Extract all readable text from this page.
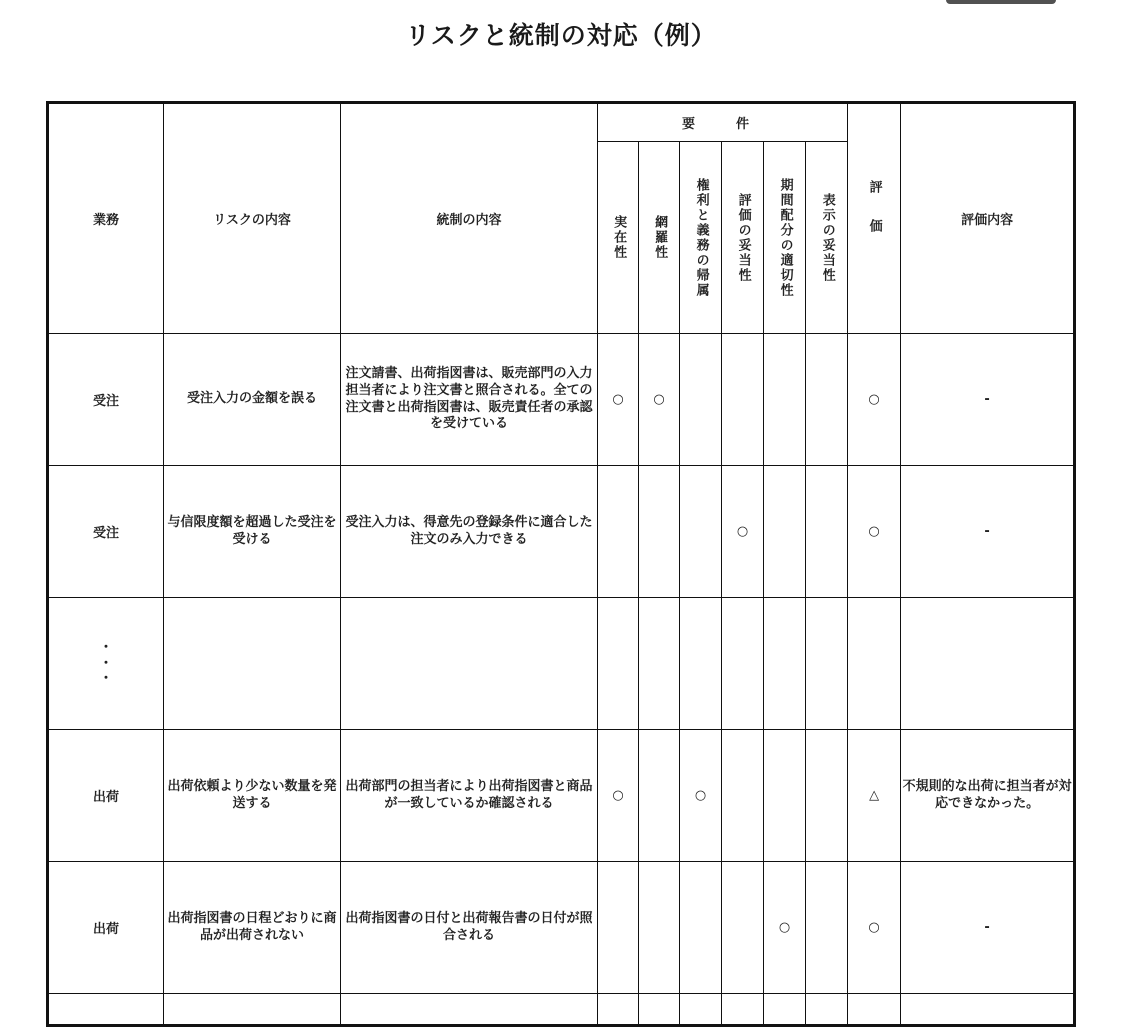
リスクと統制の対応（例）
業務	リスクの内容	統制の内容	要　件						評価	評価内容
			実在性	網羅性	権利と義務の帰属	評価の妥当性	期間配分の適切性	表示の妥当性		
受注	受注入力の金額を誤る	注文請書、出荷指図書は、販売部門の入力担当者により注文書と照合される。全ての注文書と出荷指図書は、販売責任者の承認を受けている	○	○					○	-
受注	与信限度額を超過した受注を受ける	受注入力は、得意先の登録条件に適合した注文のみ入力できる				○			○	-
・
・
・										
出荷	出荷依頼より少ない数量を発送する	出荷部門の担当者により出荷指図書と商品が一致しているか確認される	○		○				△	不規則的な出荷に担当者が対応できなかった。
出荷	出荷指図書の日程どおりに商品が出荷されない	出荷指図書の日付と出荷報告書の日付が照合される					○		○	-
